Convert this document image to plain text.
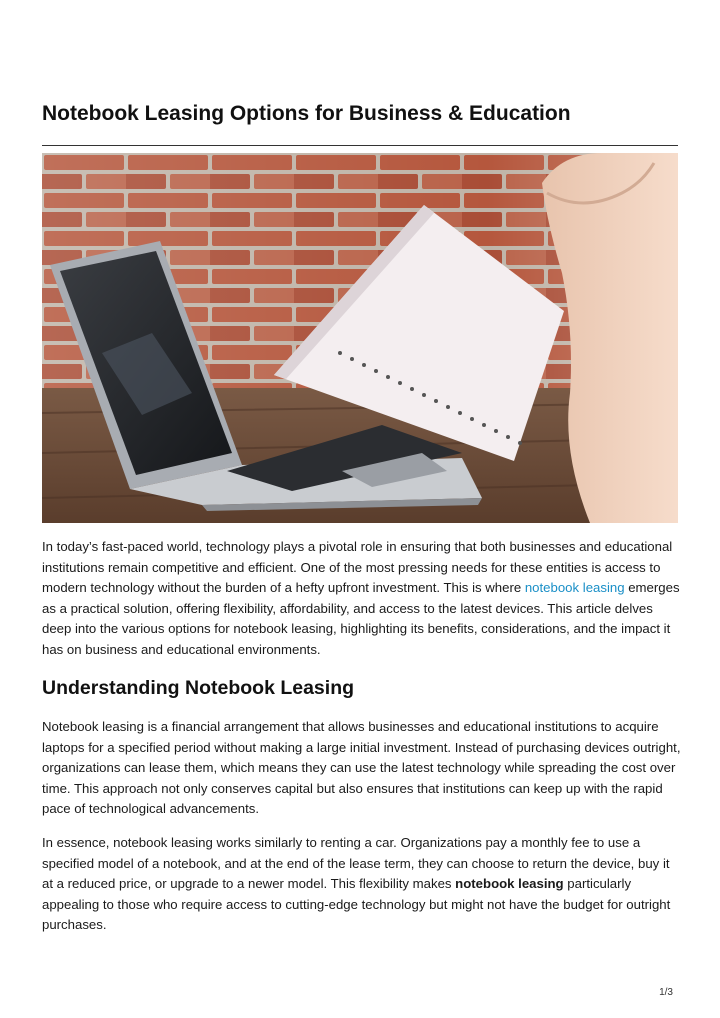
Notebook Leasing Options for Business & Education

In today’s fast-paced world, technology plays a pivotal role in ensuring that both businesses and educational institutions remain competitive and efficient. One of the most pressing needs for these entities is access to modern technology without the burden of a hefty upfront investment. This is where notebook leasing emerges as a practical solution, offering flexibility, affordability, and access to the latest devices. This article delves deep into the various options for notebook leasing, highlighting its benefits, considerations, and the impact it has on business and educational environments.

Understanding Notebook Leasing

Notebook leasing is a financial arrangement that allows businesses and educational institutions to acquire laptops for a specified period without making a large initial investment. Instead of purchasing devices outright, organizations can lease them, which means they can use the latest technology while spreading the cost over time. This approach not only conserves capital but also ensures that institutions can keep up with the rapid pace of technological advancements.

In essence, notebook leasing works similarly to renting a car. Organizations pay a monthly fee to use a specified model of a notebook, and at the end of the lease term, they can choose to return the device, buy it at a reduced price, or upgrade to a newer model. This flexibility makes notebook leasing particularly appealing to those who require access to cutting-edge technology but might not have the budget for outright purchases.

1/3
